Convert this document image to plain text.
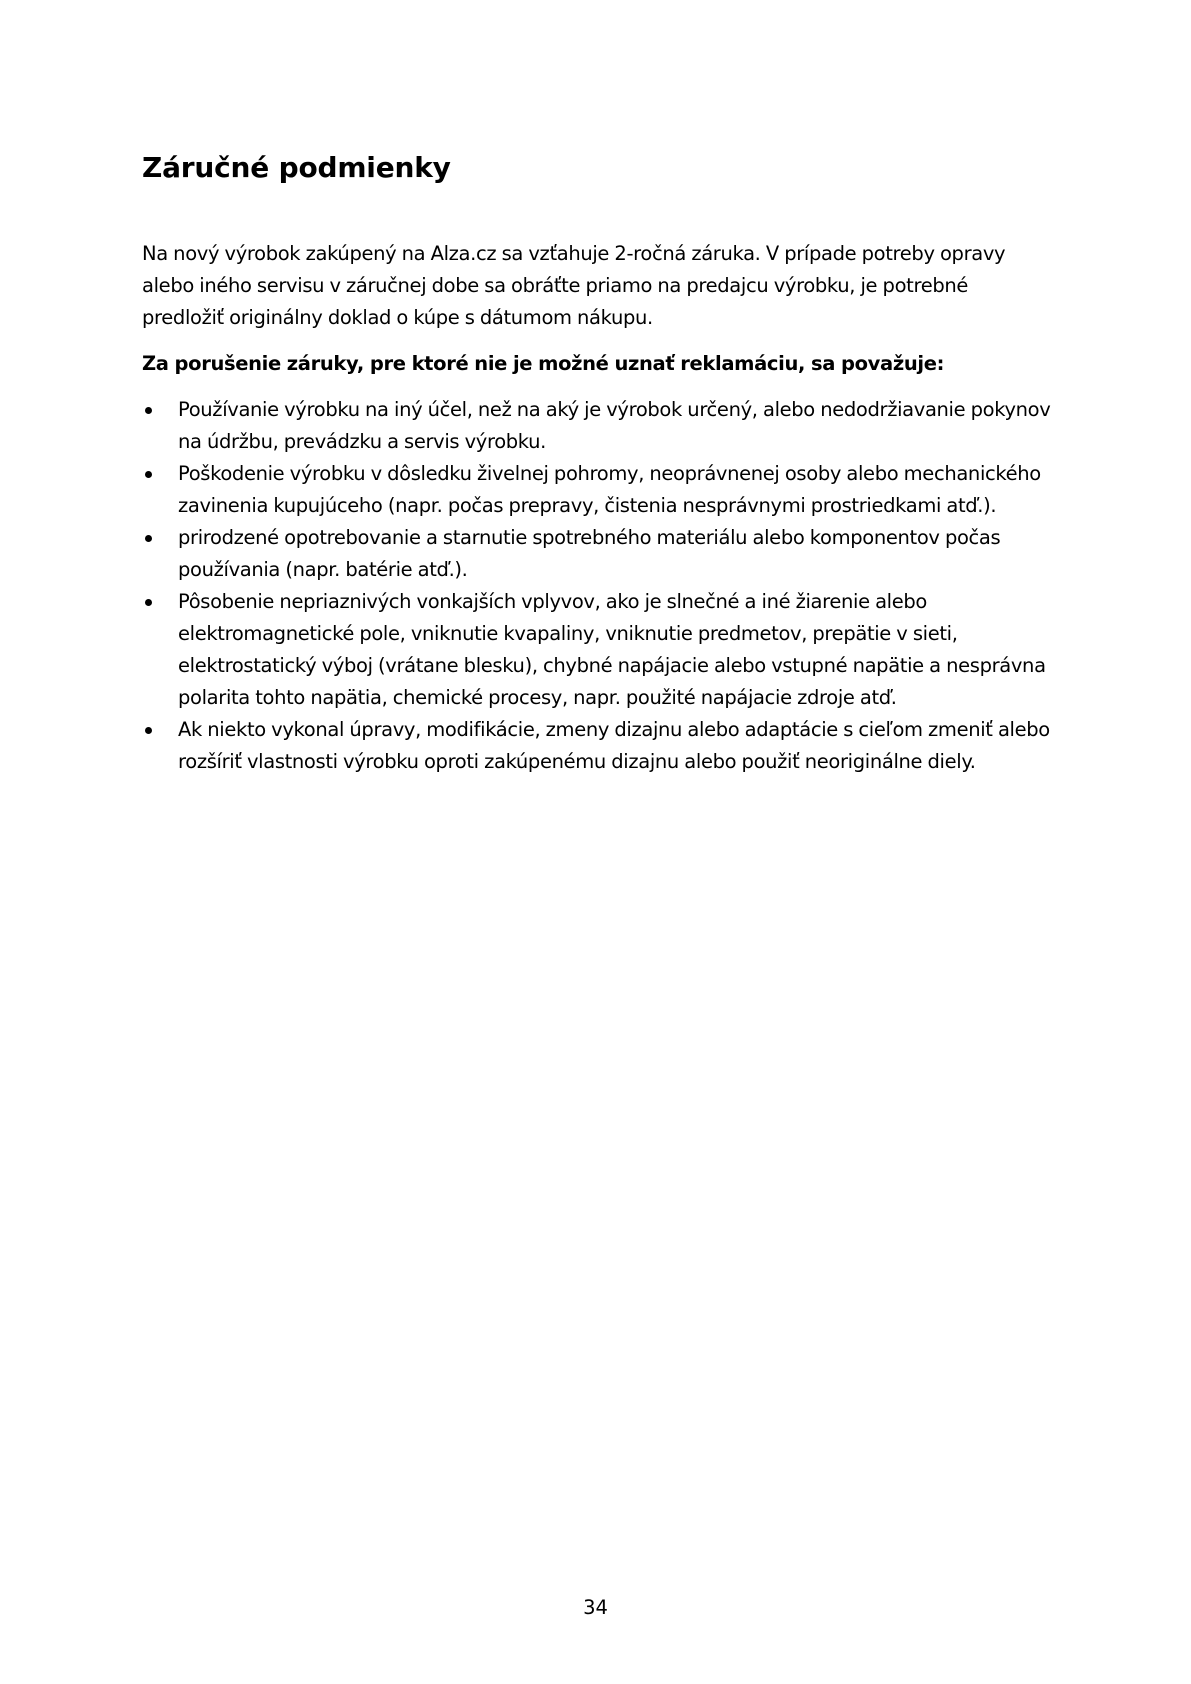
Záručné podmienky

Na nový výrobok zakúpený na Alza.cz sa vzťahuje 2-ročná záruka. V prípade potreby opravy alebo iného servisu v záručnej dobe sa obráťte priamo na predajcu výrobku, je potrebné predložiť originálny doklad o kúpe s dátumom nákupu.

Za porušenie záruky, pre ktoré nie je možné uznať reklamáciu, sa považuje:

Používanie výrobku na iný účel, než na aký je výrobok určený, alebo nedodržiavanie pokynov na údržbu, prevádzku a servis výrobku.
Poškodenie výrobku v dôsledku živelnej pohromy, neoprávnenej osoby alebo mechanického zavinenia kupujúceho (napr. počas prepravy, čistenia nesprávnymi prostriedkami atď.).
prirodzené opotrebovanie a starnutie spotrebného materiálu alebo komponentov počas používania (napr. batérie atď.).
Pôsobenie nepriaznivých vonkajších vplyvov, ako je slnečné a iné žiarenie alebo elektromagnetické pole, vniknutie kvapaliny, vniknutie predmetov, prepätie v sieti, elektrostatický výboj (vrátane blesku), chybné napájacie alebo vstupné napätie a nesprávna polarita tohto napätia, chemické procesy, napr. použité napájacie zdroje atď.
Ak niekto vykonal úpravy, modifikácie, zmeny dizajnu alebo adaptácie s cieľom zmeniť alebo rozšíriť vlastnosti výrobku oproti zakúpenému dizajnu alebo použiť neoriginálne diely.
34
